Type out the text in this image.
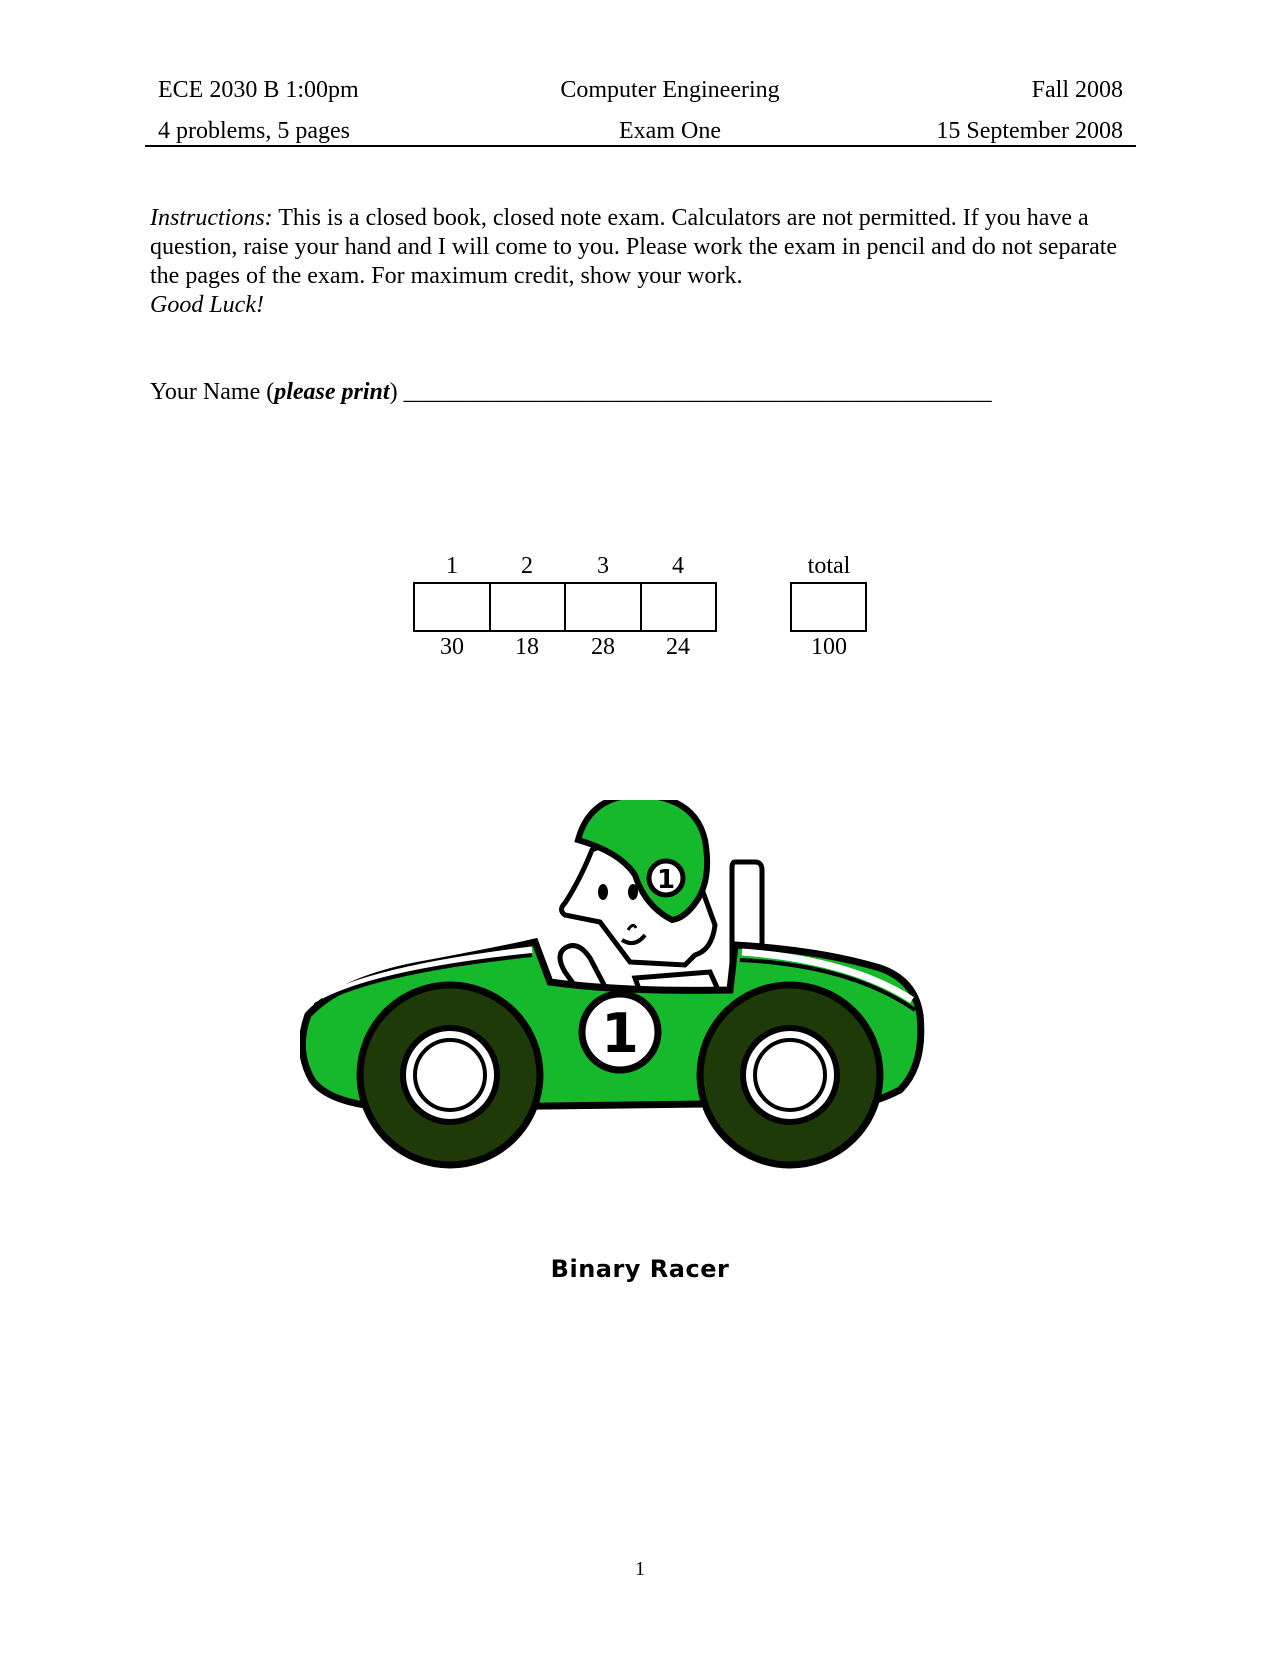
ECE 2030 B 1:00pm	Computer Engineering	Fall 2008
4 problems, 5 pages	Exam One	15 September 2008
Instructions: This is a closed book, closed note exam. Calculators are not permitted. If you have a question, raise your hand and I will come to you. Please work the exam in pencil and do not separate the pages of the exam. For maximum credit, show your work.
Good Luck!
Your Name (please print) _________________________________________________
1	2	3	4
30	18	28	24
total
100
1
1
Binary Racer
1
